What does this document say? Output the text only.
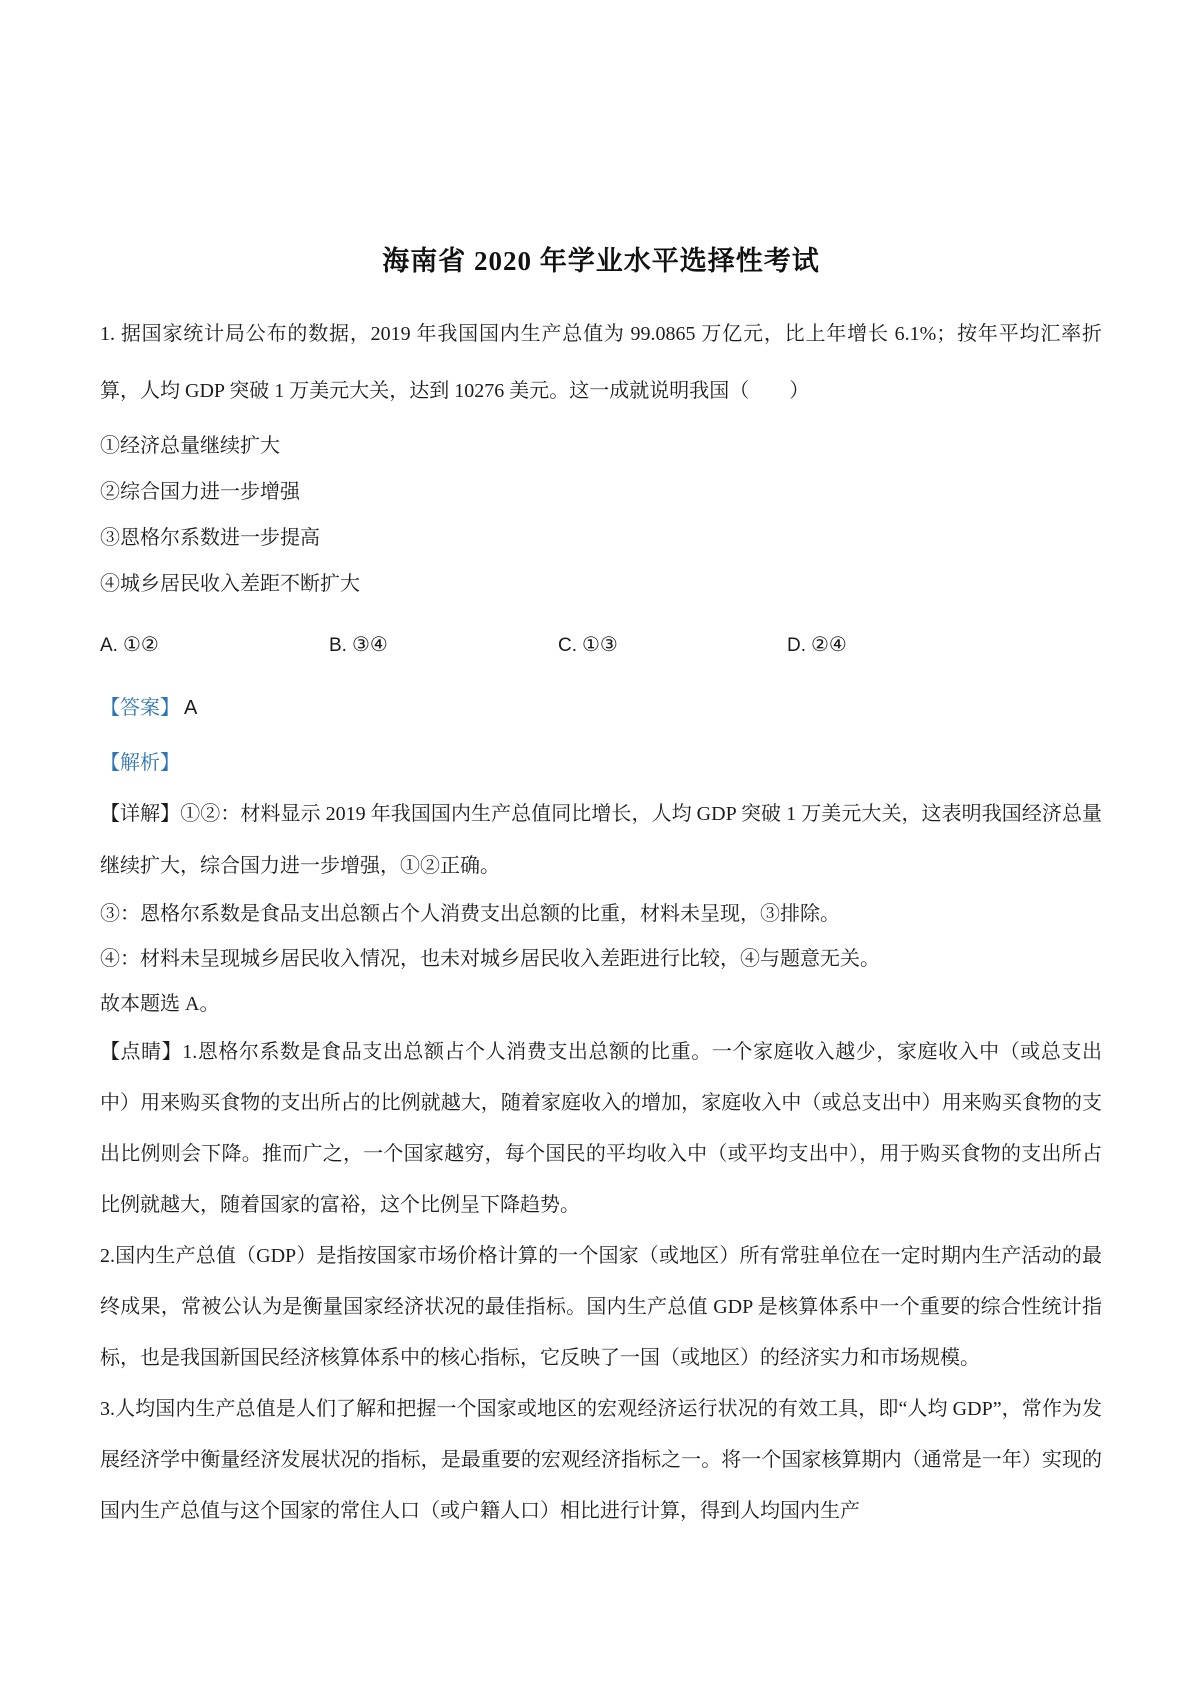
海南省 2020 年学业水平选择性考试

1. 据国家统计局公布的数据，2019 年我国国内生产总值为 99.0865 万亿元，比上年增长 6.1%；按年平均汇率折算，人均 GDP 突破 1 万美元大关，达到 10276 美元。这一成就说明我国（　　）

①经济总量继续扩大

②综合国力进一步增强

③恩格尔系数进一步提高

④城乡居民收入差距不断扩大

A. ①②	B. ③④	C. ①③	D. ②④

【答案】 A

【解析】

【详解】①②：材料显示 2019 年我国国内生产总值同比增长，人均 GDP 突破 1 万美元大关，这表明我国经济总量继续扩大，综合国力进一步增强，①②正确。

③：恩格尔系数是食品支出总额占个人消费支出总额的比重，材料未呈现，③排除。

④：材料未呈现城乡居民收入情况，也未对城乡居民收入差距进行比较，④与题意无关。

故本题选 A。

【点睛】1.恩格尔系数是食品支出总额占个人消费支出总额的比重。一个家庭收入越少，家庭收入中（或总支出中）用来购买食物的支出所占的比例就越大，随着家庭收入的增加，家庭收入中（或总支出中）用来购买食物的支出比例则会下降。推而广之，一个国家越穷，每个国民的平均收入中（或平均支出中），用于购买食物的支出所占比例就越大，随着国家的富裕，这个比例呈下降趋势。

2.国内生产总值（GDP）是指按国家市场价格计算的一个国家（或地区）所有常驻单位在一定时期内生产活动的最终成果，常被公认为是衡量国家经济状况的最佳指标。国内生产总值 GDP 是核算体系中一个重要的综合性统计指标，也是我国新国民经济核算体系中的核心指标，它反映了一国（或地区）的经济实力和市场规模。

3.人均国内生产总值是人们了解和把握一个国家或地区的宏观经济运行状况的有效工具，即“人均 GDP”，常作为发展经济学中衡量经济发展状况的指标，是最重要的宏观经济指标之一。将一个国家核算期内（通常是一年）实现的国内生产总值与这个国家的常住人口（或户籍人口）相比进行计算，得到人均国内生产
